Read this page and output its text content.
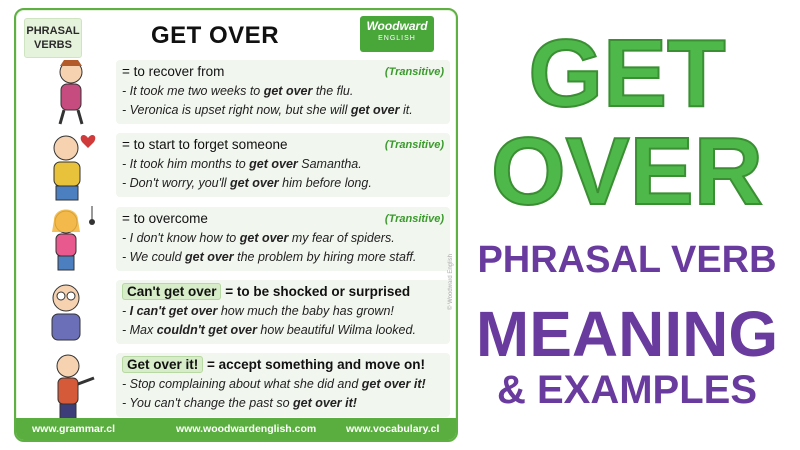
PHRASAL
VERBS	GET OVER	Woodward
ENGLISH
= to recover from	(Transitive)
- It took me two weeks to get over the flu.
- Veronica is upset right now, but she will get over it.
= to start to forget someone	(Transitive)
- It took him months to get over Samantha.
- Don't worry, you'll get over him before long.
= to overcome	(Transitive)
- I don't know how to get over my fear of spiders.
- We could get over the problem by hiring more staff.
Can't get over = to be shocked or surprised
- I can't get over how much the baby has grown!
- Max couldn't get over how beautiful Wilma looked.
Get over it! = accept something and move on!
- Stop complaining about what she did and get over it!
- You can't change the past so get over it!
© Woodward English
www.grammar.cl	www.woodwardenglish.com	www.vocabulary.cl
GET
OVER
PHRASAL VERB
MEANING
& EXAMPLES
